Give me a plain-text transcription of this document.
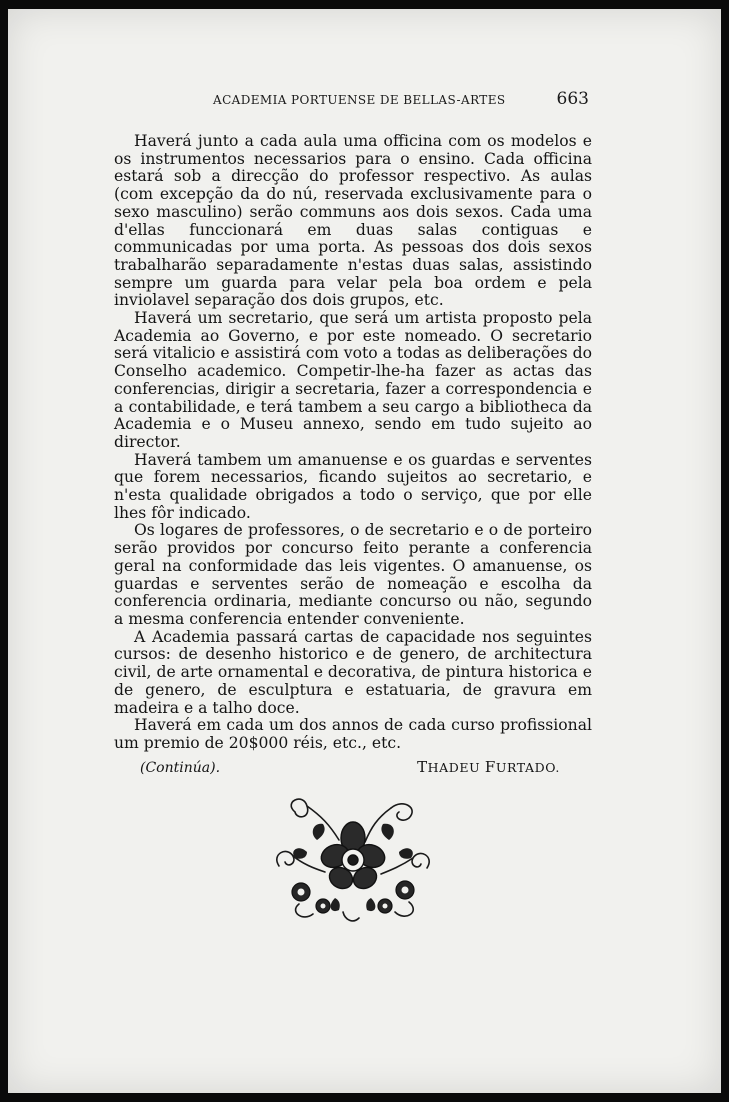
ACADEMIA PORTUENSE DE BELLAS-ARTES	663

Haverá junto a cada aula uma officina com os modelos e os instrumentos necessarios para o ensino. Cada officina estará sob a direcção do professor respectivo. As aulas (com excepção da do nú, reservada exclusivamente para o sexo masculino) serão communs aos dois sexos. Cada uma d'ellas funccionará em duas salas contiguas e communicadas por uma porta. As pessoas dos dois sexos trabalharão separadamente n'estas duas salas, assistindo sempre um guarda para velar pela boa ordem e pela inviolavel separação dos dois grupos, etc.

Haverá um secretario, que será um artista proposto pela Academia ao Governo, e por este nomeado. O secretario será vitalicio e assistirá com voto a todas as deliberações do Conselho academico. Competir-lhe-ha fazer as actas das conferencias, dirigir a secretaria, fazer a correspondencia e a contabilidade, e terá tambem a seu cargo a bibliotheca da Academia e o Museu annexo, sendo em tudo sujeito ao director.

Haverá tambem um amanuense e os guardas e serventes que forem necessarios, ficando sujeitos ao secretario, e n'esta qualidade obrigados a todo o serviço, que por elle lhes fôr indicado.

Os logares de professores, o de secretario e o de porteiro serão providos por concurso feito perante a conferencia geral na conformidade das leis vigentes. O amanuense, os guardas e serventes serão de nomeação e escolha da conferencia ordinaria, mediante concurso ou não, segundo a mesma conferencia entender conveniente.

A Academia passará cartas de capacidade nos seguintes cursos: de desenho historico e de genero, de architectura civil, de arte ornamental e decorativa, de pintura historica e de genero, de esculptura e estatuaria, de gravura em madeira e a talho doce.

Haverá em cada um dos annos de cada curso profissional um premio de 20$000 réis, etc., etc.

(Continúa).	THADEU FURTADO.
